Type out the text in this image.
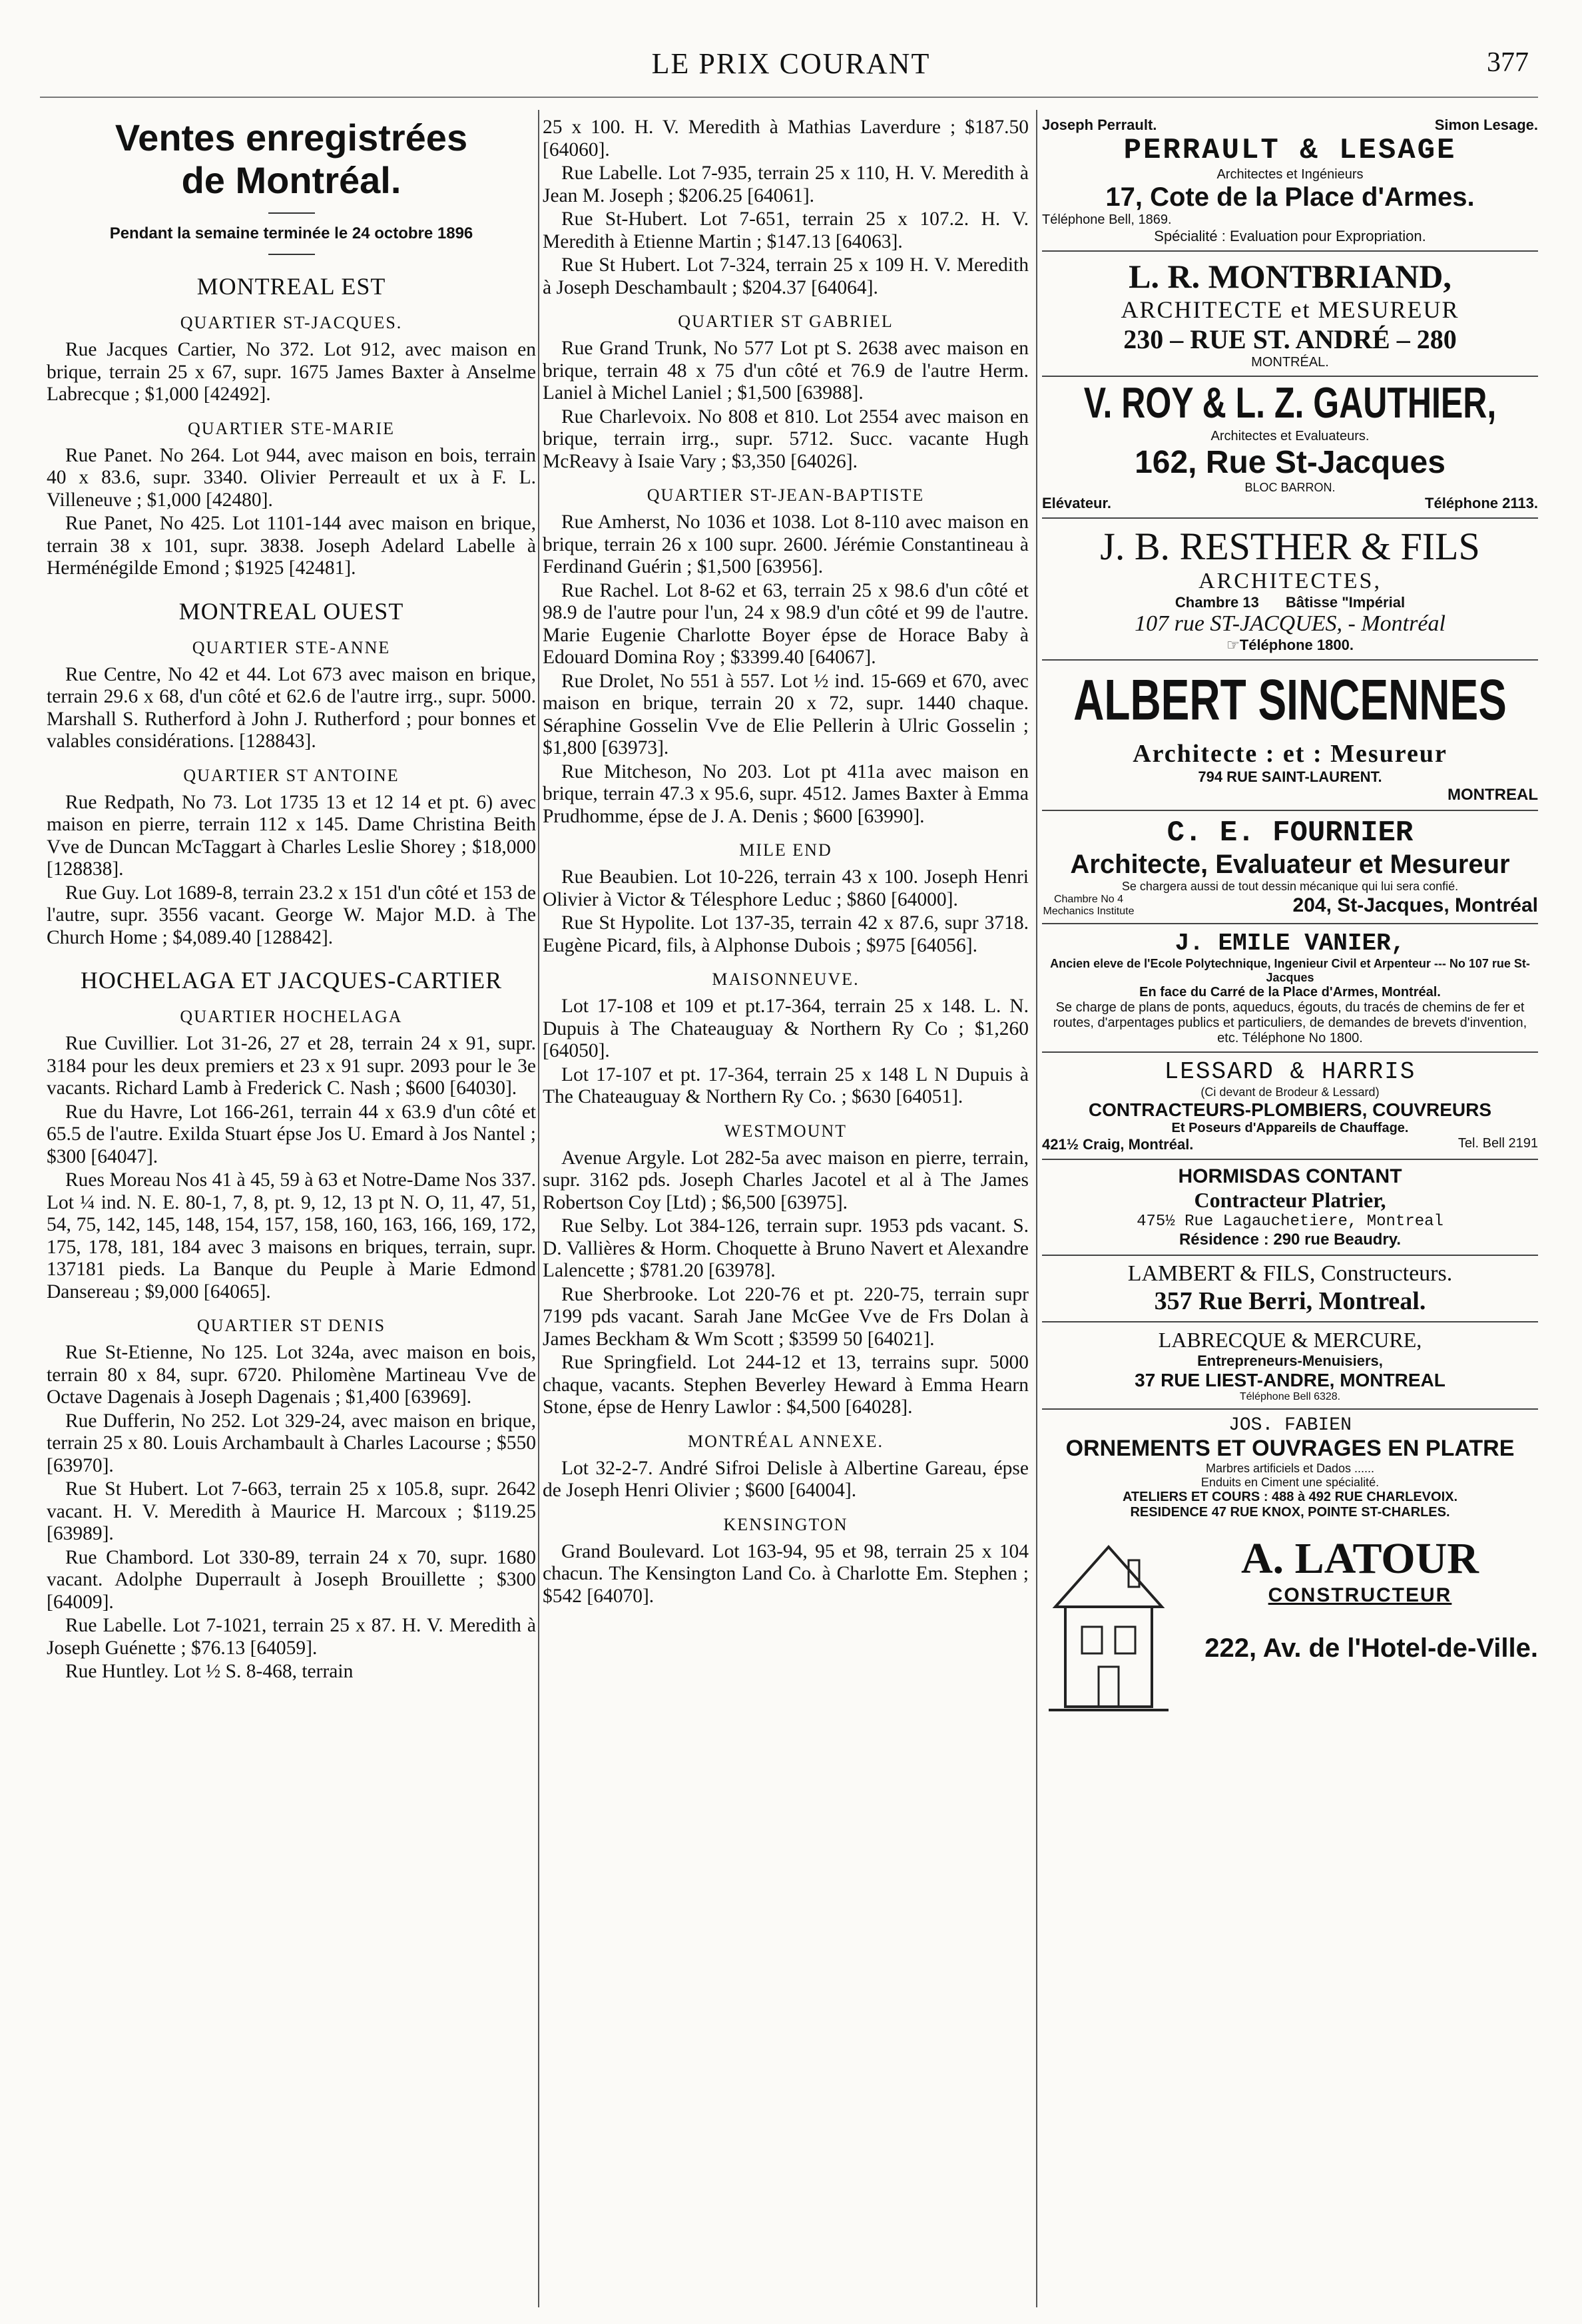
LE PRIX COURANT	377
Ventes enregistrées
de Montréal.

Pendant la semaine terminée le 24 octobre 1896

MONTREAL EST
QUARTIER ST-JACQUES.

Rue Jacques Cartier, No 372. Lot 912, avec maison en brique, terrain 25 x 67, supr. 1675 James Baxter à Anselme Labrecque ; $1,000 [42492].

QUARTIER STE-MARIE

Rue Panet. No 264. Lot 944, avec maison en bois, terrain 40 x 83.6, supr. 3340. Olivier Perreault et ux à F. L. Villeneuve ; $1,000 [42480].

Rue Panet, No 425. Lot 1101-144 avec maison en brique, terrain 38 x 101, supr. 3838. Joseph Adelard Labelle à Herménégilde Emond ; $1925 [42481].

MONTREAL OUEST
QUARTIER STE-ANNE

Rue Centre, No 42 et 44. Lot 673 avec maison en brique, terrain 29.6 x 68, d'un côté et 62.6 de l'autre irrg., supr. 5000. Marshall S. Rutherford à John J. Rutherford ; pour bonnes et valables considérations. [128843].

QUARTIER ST ANTOINE

Rue Redpath, No 73. Lot 1735 13 et 12 14 et pt. 6) avec maison en pierre, terrain 112 x 145. Dame Christina Beith Vve de Duncan McTaggart à Charles Leslie Shorey ; $18,000 [128838].

Rue Guy. Lot 1689-8, terrain 23.2 x 151 d'un côté et 153 de l'autre, supr. 3556 vacant. George W. Major M.D. à The Church Home ; $4,089.40 [128842].

HOCHELAGA ET JACQUES-CARTIER
QUARTIER HOCHELAGA

Rue Cuvillier. Lot 31-26, 27 et 28, terrain 24 x 91, supr. 3184 pour les deux premiers et 23 x 91 supr. 2093 pour le 3e vacants. Richard Lamb à Frederick C. Nash ; $600 [64030].

Rue du Havre, Lot 166-261, terrain 44 x 63.9 d'un côté et 65.5 de l'autre. Exilda Stuart épse Jos U. Emard à Jos Nantel ; $300 [64047].

Rues Moreau Nos 41 à 45, 59 à 63 et Notre-Dame Nos 337. Lot ¼ ind. N. E. 80-1, 7, 8, pt. 9, 12, 13 pt N. O, 11, 47, 51, 54, 75, 142, 145, 148, 154, 157, 158, 160, 163, 166, 169, 172, 175, 178, 181, 184 avec 3 maisons en briques, terrain, supr. 137181 pieds. La Banque du Peuple à Marie Edmond Dansereau ; $9,000 [64065].

QUARTIER ST DENIS

Rue St-Etienne, No 125. Lot 324a, avec maison en bois, terrain 80 x 84, supr. 6720. Philomène Martineau Vve de Octave Dagenais à Joseph Dagenais ; $1,400 [63969].

Rue Dufferin, No 252. Lot 329-24, avec maison en brique, terrain 25 x 80. Louis Archambault à Charles Lacourse ; $550 [63970].

Rue St Hubert. Lot 7-663, terrain 25 x 105.8, supr. 2642 vacant. H. V. Meredith à Maurice H. Marcoux ; $119.25 [63989].

Rue Chambord. Lot 330-89, terrain 24 x 70, supr. 1680 vacant. Adolphe Duperrault à Joseph Brouillette ; $300 [64009].

Rue Labelle. Lot 7-1021, terrain 25 x 87. H. V. Meredith à Joseph Guénette ; $76.13 [64059].

Rue Huntley. Lot ½ S. 8-468, terrain

25 x 100. H. V. Meredith à Mathias Laverdure ; $187.50 [64060].

Rue Labelle. Lot 7-935, terrain 25 x 110, H. V. Meredith à Jean M. Joseph ; $206.25 [64061].

Rue St-Hubert. Lot 7-651, terrain 25 x 107.2. H. V. Meredith à Etienne Martin ; $147.13 [64063].

Rue St Hubert. Lot 7-324, terrain 25 x 109 H. V. Meredith à Joseph Deschambault ; $204.37 [64064].

QUARTIER ST GABRIEL

Rue Grand Trunk, No 577 Lot pt S. 2638 avec maison en brique, terrain 48 x 75 d'un côté et 76.9 de l'autre Herm. Laniel à Michel Laniel ; $1,500 [63988].

Rue Charlevoix. No 808 et 810. Lot 2554 avec maison en brique, terrain irrg., supr. 5712. Succ. vacante Hugh McReavy à Isaie Vary ; $3,350 [64026].

QUARTIER ST-JEAN-BAPTISTE

Rue Amherst, No 1036 et 1038. Lot 8-110 avec maison en brique, terrain 26 x 100 supr. 2600. Jérémie Constantineau à Ferdinand Guérin ; $1,500 [63956].

Rue Rachel. Lot 8-62 et 63, terrain 25 x 98.6 d'un côté et 98.9 de l'autre pour l'un, 24 x 98.9 d'un côté et 99 de l'autre. Marie Eugenie Charlotte Boyer épse de Horace Baby à Edouard Domina Roy ; $3399.40 [64067].

Rue Drolet, No 551 à 557. Lot ½ ind. 15-669 et 670, avec maison en brique, terrain 20 x 72, supr. 1440 chaque. Séraphine Gosselin Vve de Elie Pellerin à Ulric Gosselin ; $1,800 [63973].

Rue Mitcheson, No 203. Lot pt 411a avec maison en brique, terrain 47.3 x 95.6, supr. 4512. James Baxter à Emma Prudhomme, épse de J. A. Denis ; $600 [63990].

MILE END

Rue Beaubien. Lot 10-226, terrain 43 x 100. Joseph Henri Olivier à Victor & Télesphore Leduc ; $860 [64000].

Rue St Hypolite. Lot 137-35, terrain 42 x 87.6, supr 3718. Eugène Picard, fils, à Alphonse Dubois ; $975 [64056].

MAISONNEUVE.

Lot 17-108 et 109 et pt.17-364, terrain 25 x 148. L. N. Dupuis à The Chateauguay & Northern Ry Co ; $1,260 [64050].

Lot 17-107 et pt. 17-364, terrain 25 x 148 L N Dupuis à The Chateauguay & Northern Ry Co. ; $630 [64051].

WESTMOUNT

Avenue Argyle. Lot 282-5a avec maison en pierre, terrain, supr. 3162 pds. Joseph Charles Jacotel et al à The James Robertson Coy [Ltd) ; $6,500 [63975].

Rue Selby. Lot 384-126, terrain supr. 1953 pds vacant. S. D. Vallières & Horm. Choquette à Bruno Navert et Alexandre Lalencette ; $781.20 [63978].

Rue Sherbrooke. Lot 220-76 et pt. 220-75, terrain supr 7199 pds vacant. Sarah Jane McGee Vve de Frs Dolan à James Beckham & Wm Scott ; $3599 50 [64021].

Rue Springfield. Lot 244-12 et 13, terrains supr. 5000 chaque, vacants. Stephen Beverley Heward à Emma Hearn Stone, épse de Henry Lawlor : $4,500 [64028].

MONTRÉAL ANNEXE.

Lot 32-2-7. André Sifroi Delisle à Albertine Gareau, épse de Joseph Henri Olivier ; $600 [64004].

KENSINGTON

Grand Boulevard. Lot 163-94, 95 et 98, terrain 25 x 104 chacun. The Kensington Land Co. à Charlotte Em. Stephen ; $542 [64070].

Joseph Perrault.	Simon Lesage.

PERRAULT & LESAGE

Architectes et Ingénieurs

17, Cote de la Place d'Armes.

Téléphone Bell, 1869.

Spécialité : Evaluation pour Expropriation.

L. R. MONTBRIAND,

ARCHITECTE et MESUREUR

230 – RUE ST. ANDRÉ – 280

MONTRÉAL.

V. ROY & L. Z. GAUTHIER,

Architectes et Evaluateurs.

162, Rue St-Jacques

BLOC BARRON.

Elévateur.	Téléphone 2113.

J. B. RESTHER & FILS

ARCHITECTES,

Chambre 13 Bâtisse "Impérial

107 rue ST-JACQUES, - Montréal

☞Téléphone 1800.

ALBERT SINCENNES

Architecte : et : Mesureur

794 RUE SAINT-LAURENT.

MONTREAL

C. E. FOURNIER

Architecte, Evaluateur et Mesureur

Se chargera aussi de tout dessin mécanique qui lui sera confié.

Chambre No 4 Mechanics Institute	204, St-Jacques, Montréal

J. EMILE VANIER,

Ancien eleve de l'Ecole Polytechnique, Ingenieur Civil et Arpenteur --- No 107 rue St-Jacques

En face du Carré de la Place d'Armes, Montréal.

Se charge de plans de ponts, aqueducs, égouts, du tracés de chemins de fer et routes, d'arpentages publics et particuliers, de demandes de brevets d'invention, etc. Téléphone No 1800.

LESSARD & HARRIS

(Ci devant de Brodeur & Lessard)

CONTRACTEURS-PLOMBIERS, COUVREURS

Et Poseurs d'Appareils de Chauffage.

421½ Craig, Montréal.	Tel. Bell 2191

HORMISDAS CONTANT

Contracteur Platrier,

475½ Rue Lagauchetiere, Montreal

Résidence : 290 rue Beaudry.

LAMBERT & FILS, Constructeurs.

357 Rue Berri, Montreal.

LABRECQUE & MERCURE,

Entrepreneurs-Menuisiers,

37 RUE LIEST-ANDRE, MONTREAL

Téléphone Bell 6328.

JOS. FABIEN

ORNEMENTS ET OUVRAGES EN PLATRE

Marbres artificiels et Dados ......

Enduits en Ciment une spécialité.

ATELIERS ET COURS : 488 à 492 RUE CHARLEVOIX.

RESIDENCE 47 RUE KNOX, POINTE ST-CHARLES.

A. LATOUR

CONSTRUCTEUR

222, Av. de l'Hotel-de-Ville.
